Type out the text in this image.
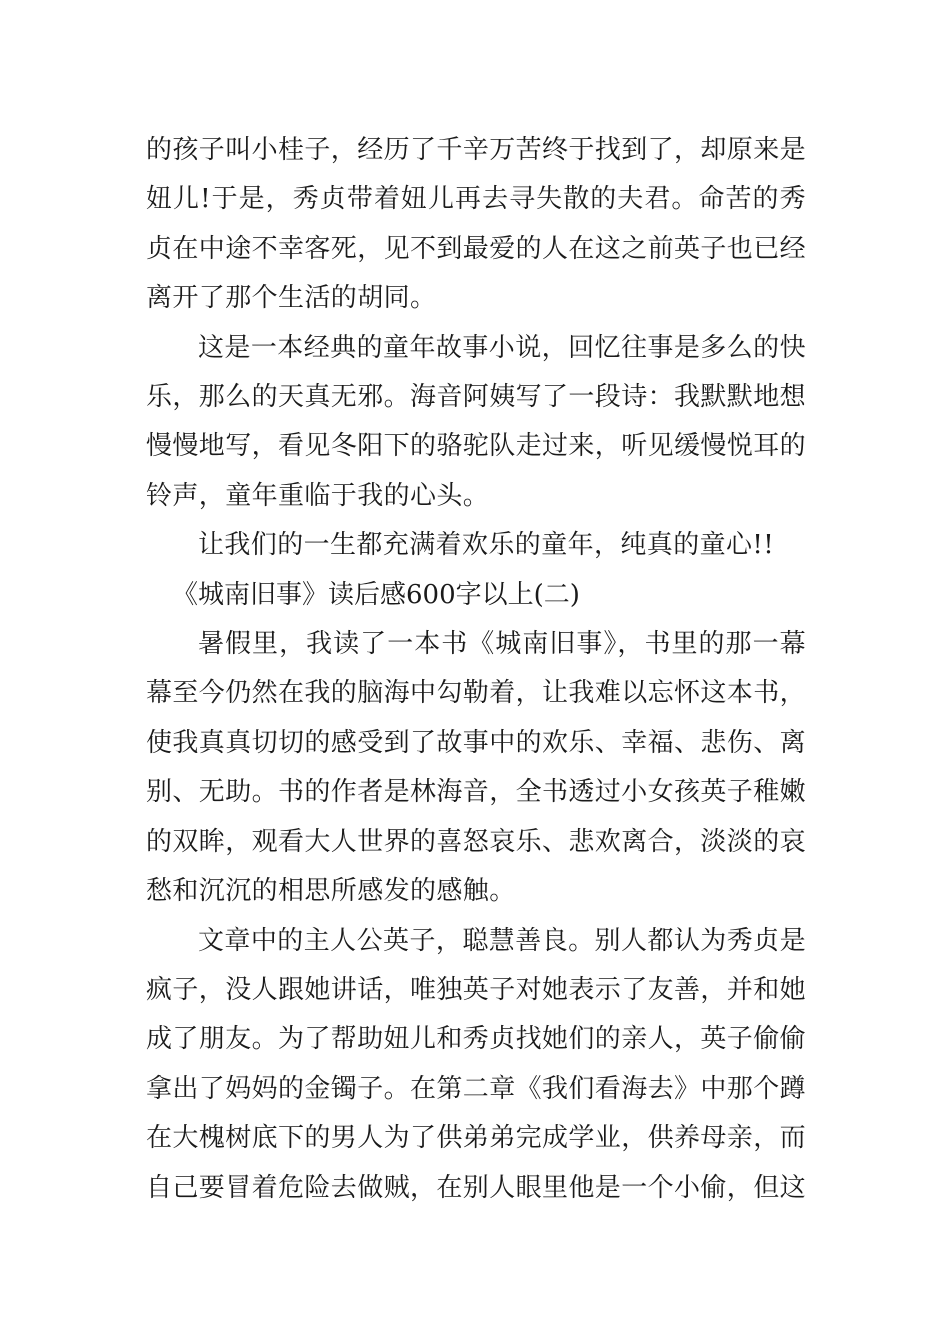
的孩子叫小桂子，经历了千辛万苦终于找到了，却原来是妞儿!于是，秀贞带着妞儿再去寻失散的夫君。命苦的秀贞在中途不幸客死，见不到最爱的人在这之前英子也已经离开了那个生活的胡同。

这是一本经典的童年故事小说，回忆往事是多么的快乐，那么的天真无邪。海音阿姨写了一段诗：我默默地想慢慢地写，看见冬阳下的骆驼队走过来，听见缓慢悦耳的铃声，童年重临于我的心头。

让我们的一生都充满着欢乐的童年，纯真的童心!!

《城南旧事》读后感600字以上(二)

暑假里，我读了一本书《城南旧事》，书里的那一幕幕至今仍然在我的脑海中勾勒着，让我难以忘怀这本书，使我真真切切的感受到了故事中的欢乐、幸福、悲伤、离别、无助。书的作者是林海音，全书透过小女孩英子稚嫩的双眸，观看大人世界的喜怒哀乐、悲欢离合，淡淡的哀愁和沉沉的相思所感发的感触。

文章中的主人公英子，聪慧善良。别人都认为秀贞是疯子，没人跟她讲话，唯独英子对她表示了友善，并和她成了朋友。为了帮助妞儿和秀贞找她们的亲人，英子偷偷拿出了妈妈的金镯子。在第二章《我们看海去》中那个蹲在大槐树底下的男人为了供弟弟完成学业，供养母亲，而自己要冒着危险去做贼，在别人眼里他是一个小偷，但这
